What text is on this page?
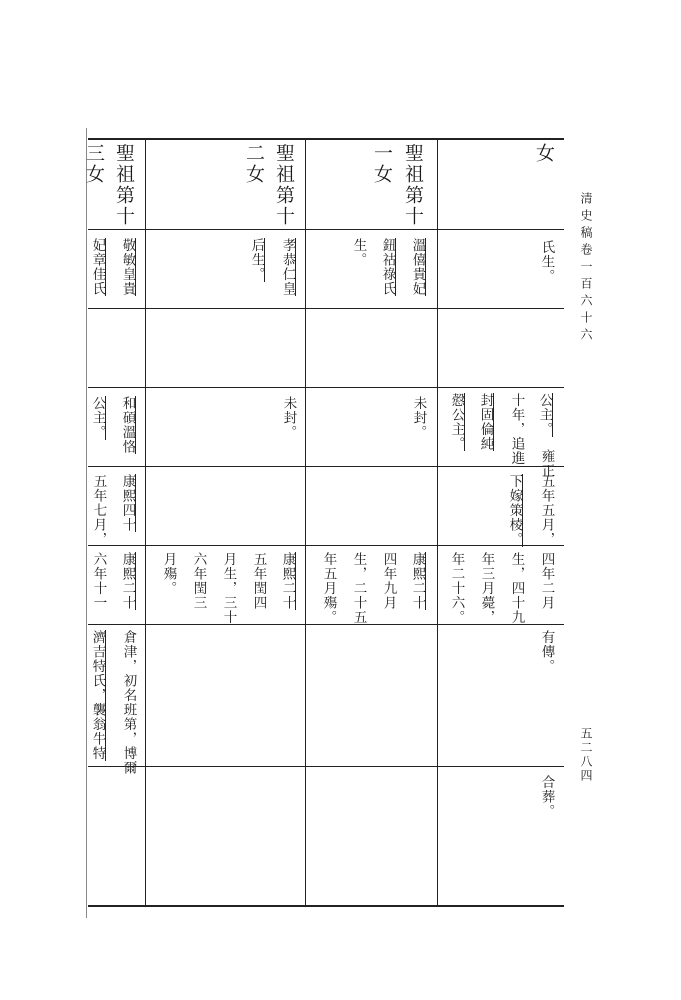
清史稿卷一百六十六
五二八四
女
氏生。
公主。
雍正
十年，追進
封固倫純
慤公主。
五年五月，
下嫁策棱。
四年二月
生，四十九
年三月薨，
年二十六。
有傳。
合葬。
聖祖第十
一女
溫僖貴妃
鈕祜祿氏
生。
未封。
康熙二十
四年九月
生，二十五
年五月殤。
聖祖第十
二女
孝恭仁皇
后生。
未封。
康熙二十
五年閏四
月生，三十
六年閏三
月殤。
聖祖第十
三女
敬敏皇貴
妃章佳氏
和碩溫恪
公主。
康熙四十
五年七月，
康熙二十
六年十一
倉津，初名班第，博爾
濟吉特氏，襲翁牛特
